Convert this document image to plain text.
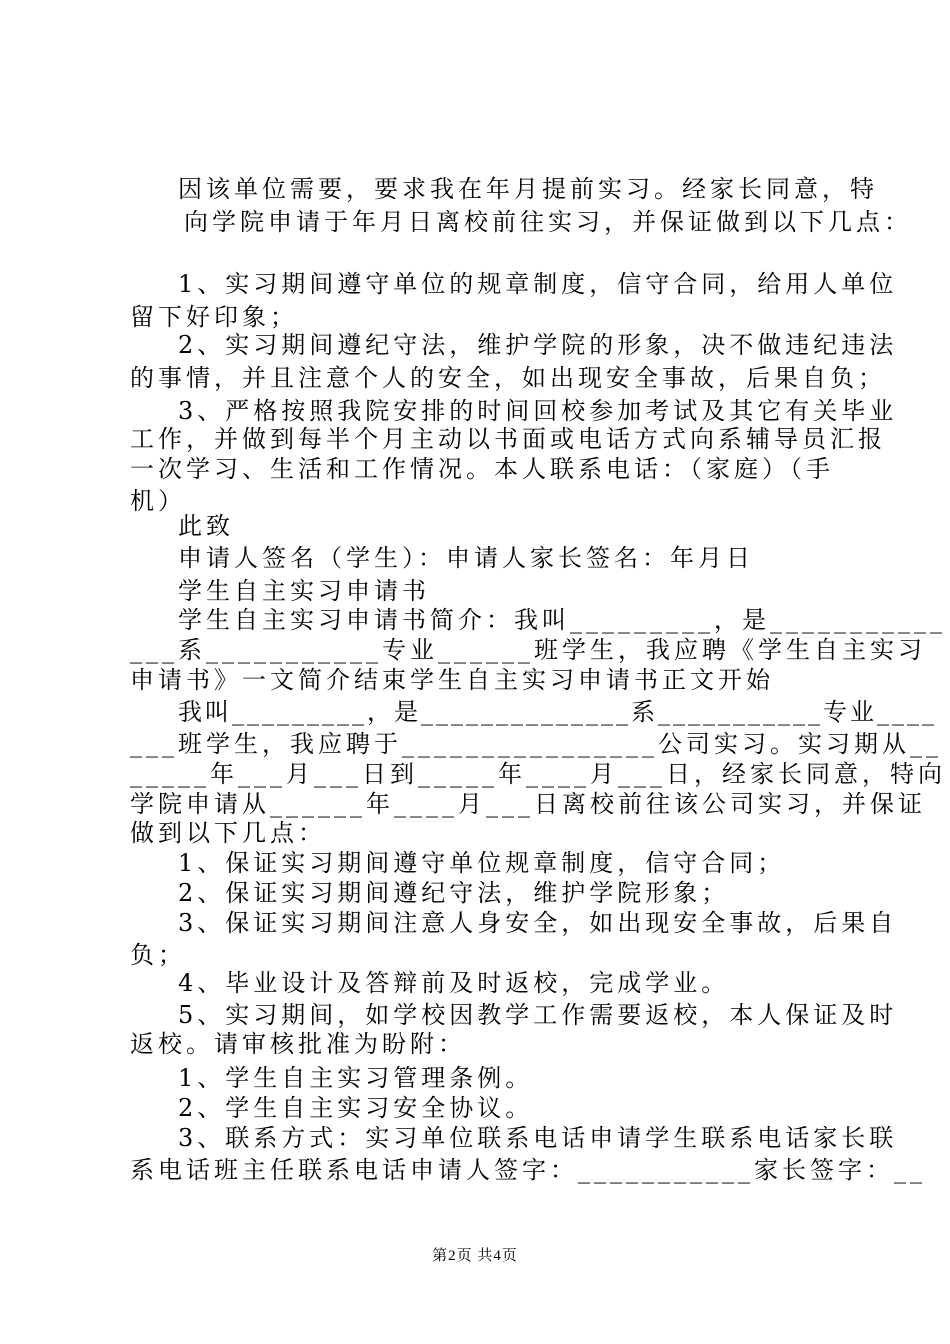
因该单位需要，要求我在年月提前实习。经家长同意，特
向学院申请于年月日离校前往实习，并保证做到以下几点：
1、实习期间遵守单位的规章制度，信守合同，给用人单位
留下好印象；
2、实习期间遵纪守法，维护学院的形象，决不做违纪违法
的事情，并且注意个人的安全，如出现安全事故，后果自负；
3、严格按照我院安排的时间回校参加考试及其它有关毕业
工作，并做到每半个月主动以书面或电话方式向系辅导员汇报
一次学习、生活和工作情况。本人联系电话：（家庭）（手
机）
此致
申请人签名（学生）：申请人家长签名：年月日
学生自主实习申请书
学生自主实习申请书简介：我叫_________，是___________
___系___________专业______班学生，我应聘《学生自主实习
申请书》一文简介结束学生自主实习申请书正文开始
我叫_________，是______________系___________专业____
___班学生，我应聘于________________公司实习。实习期从__
_____年___月___日到_____年____月___日，经家长同意，特向
学院申请从______年____月___日离校前往该公司实习，并保证
做到以下几点：
1、保证实习期间遵守单位规章制度，信守合同；
2、保证实习期间遵纪守法，维护学院形象；
3、保证实习期间注意人身安全，如出现安全事故，后果自
负；
4、毕业设计及答辩前及时返校，完成学业。
5、实习期间，如学校因教学工作需要返校，本人保证及时
返校。请审核批准为盼附：
1、学生自主实习管理条例。
2、学生自主实习安全协议。
3、联系方式：实习单位联系电话申请学生联系电话家长联
系电话班主任联系电话申请人签字：___________家长签字：__
第2页 共4页
